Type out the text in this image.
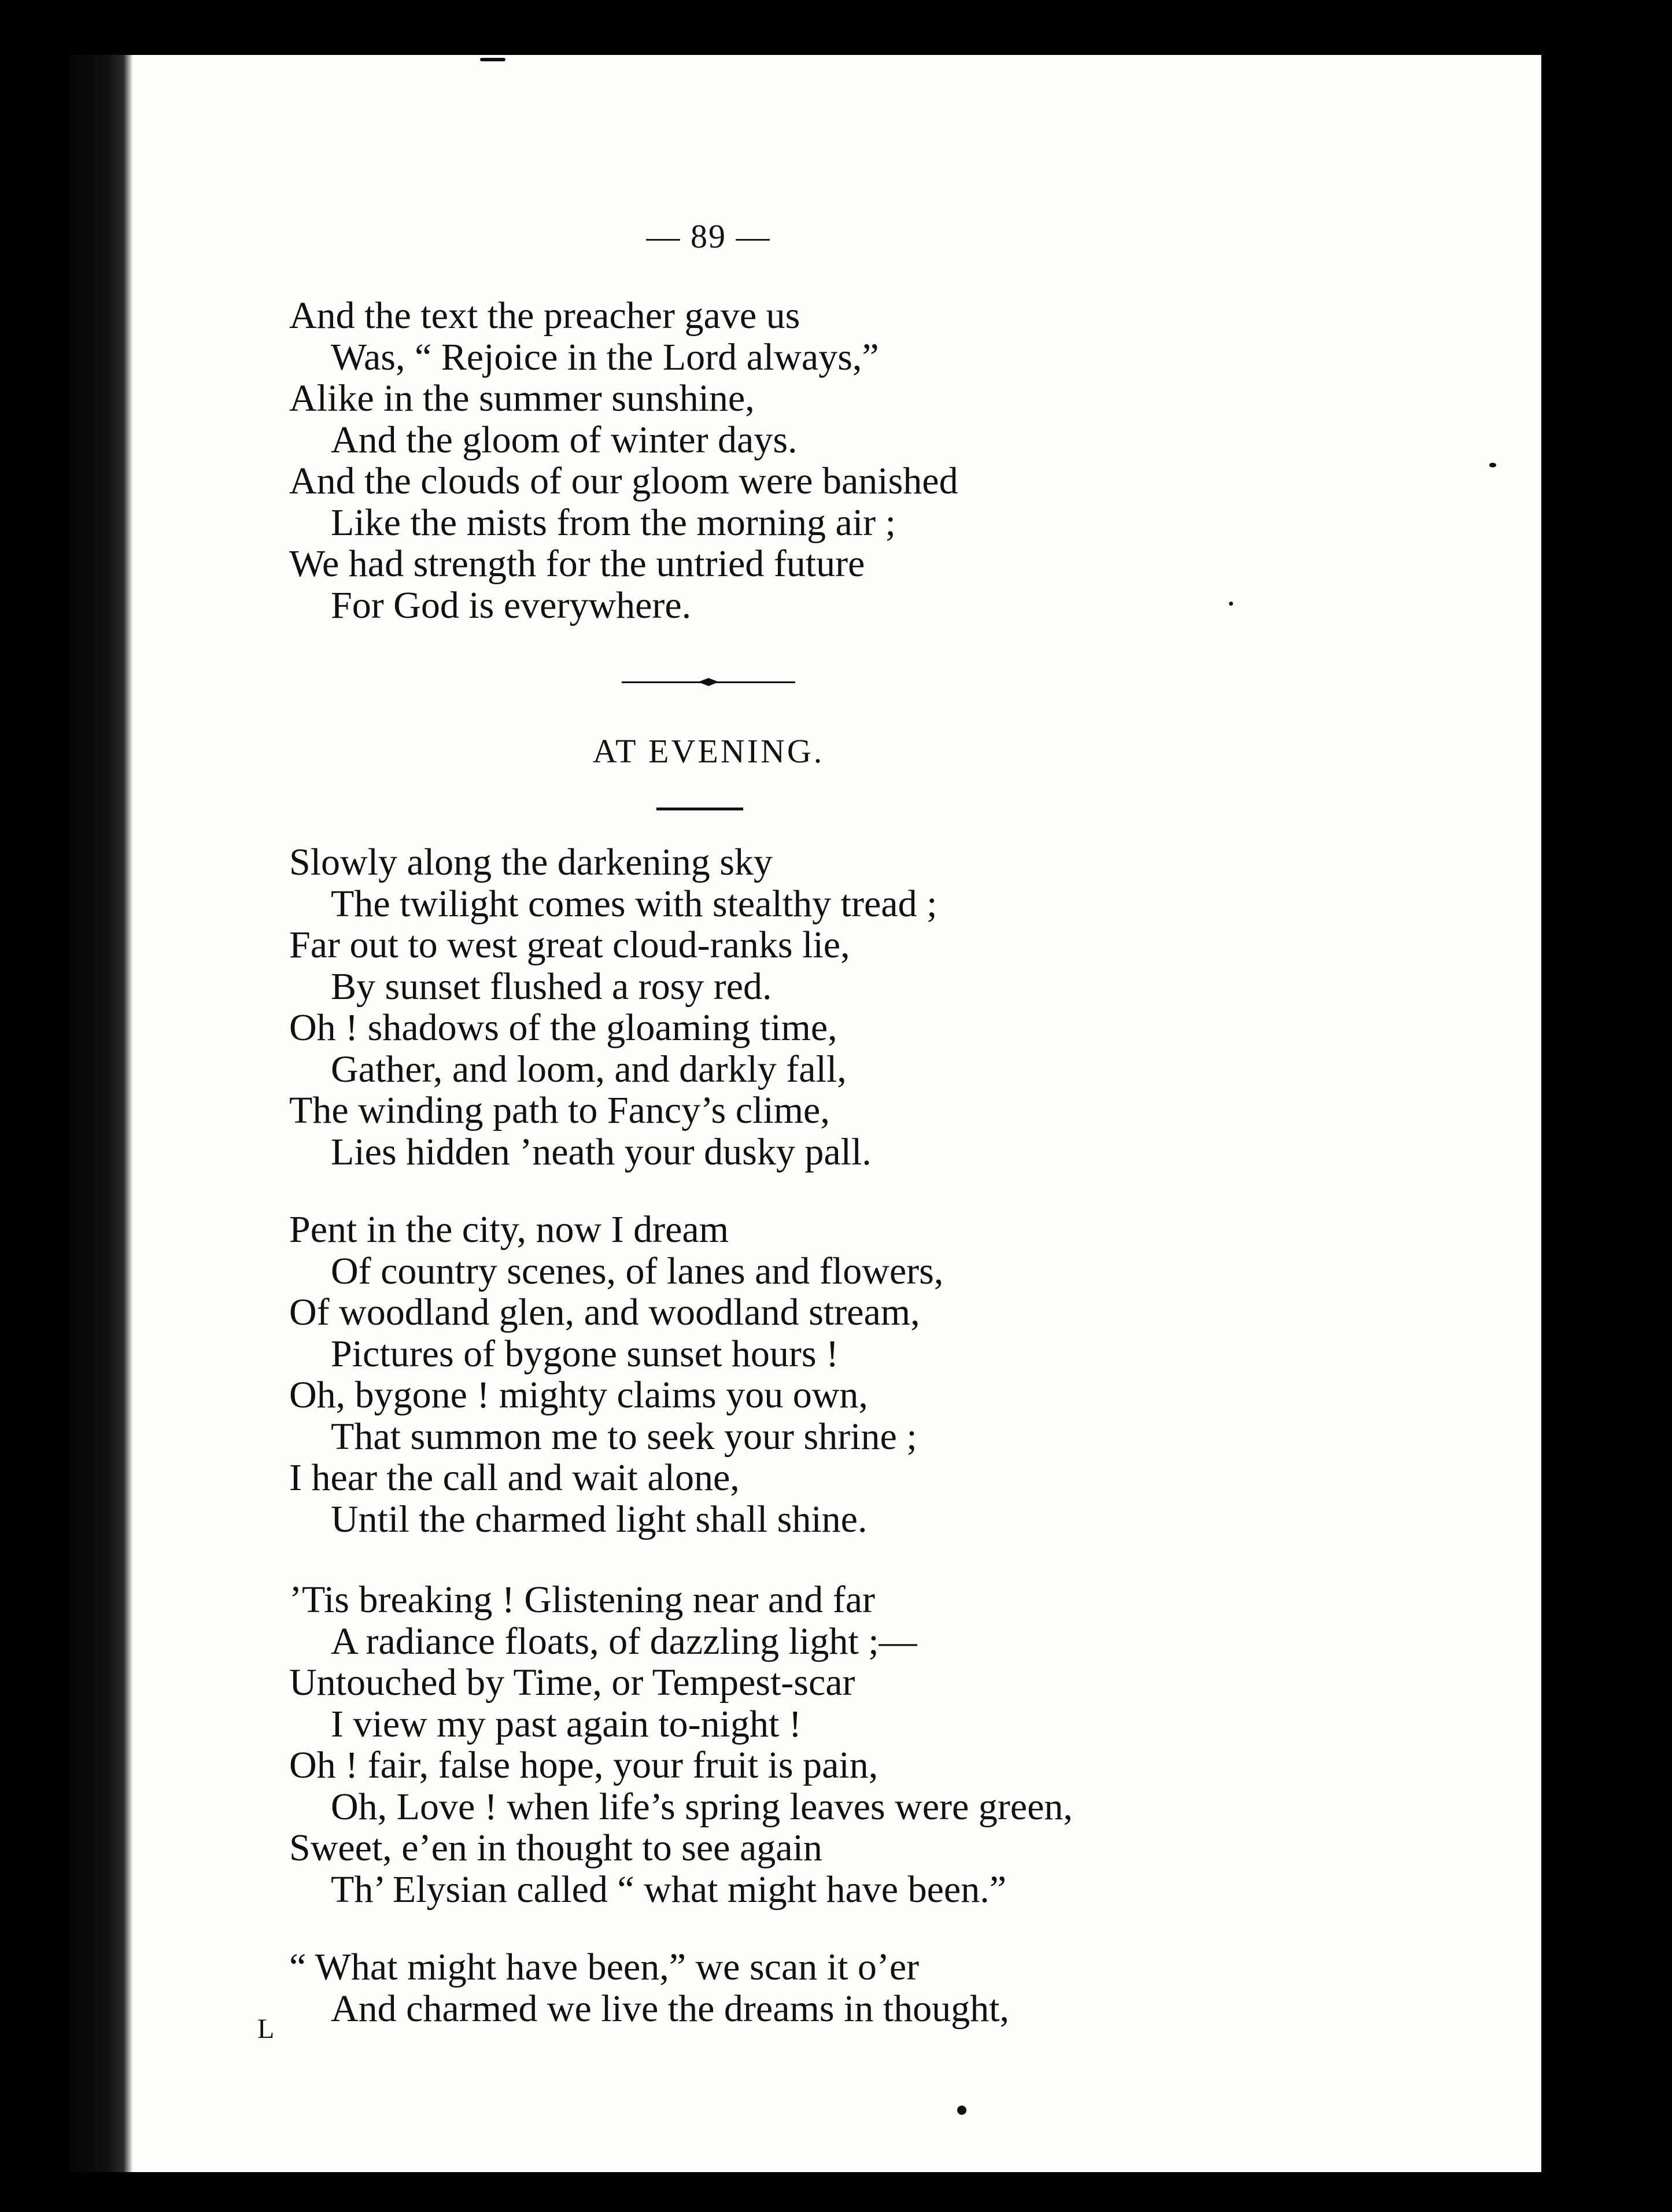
— 89 —
And the text the preacher gave us
Was, “ Rejoice in the Lord always,”
Alike in the summer sunshine,
And the gloom of winter days.
And the clouds of our gloom were banished
Like the mists from the morning air ;
We had strength for the untried future
For God is everywhere.
AT EVENING.
Slowly along the darkening sky
The twilight comes with stealthy tread ;
Far out to west great cloud-ranks lie,
By sunset flushed a rosy red.
Oh ! shadows of the gloaming time,
Gather, and loom, and darkly fall,
The winding path to Fancy’s clime,
Lies hidden ’neath your dusky pall.
Pent in the city, now I dream
Of country scenes, of lanes and flowers,
Of woodland glen, and woodland stream,
Pictures of bygone sunset hours !
Oh, bygone ! mighty claims you own,
That summon me to seek your shrine ;
I hear the call and wait alone,
Until the charmed light shall shine.
’Tis breaking ! Glistening near and far
A radiance floats, of dazzling light ;—
Untouched by Time, or Tempest-scar
I view my past again to-night !
Oh ! fair, false hope, your fruit is pain,
Oh, Love ! when life’s spring leaves were green,
Sweet, e’en in thought to see again
Th’ Elysian called “ what might have been.”
“ What might have been,” we scan it o’er
And charmed we live the dreams in thought,
L
